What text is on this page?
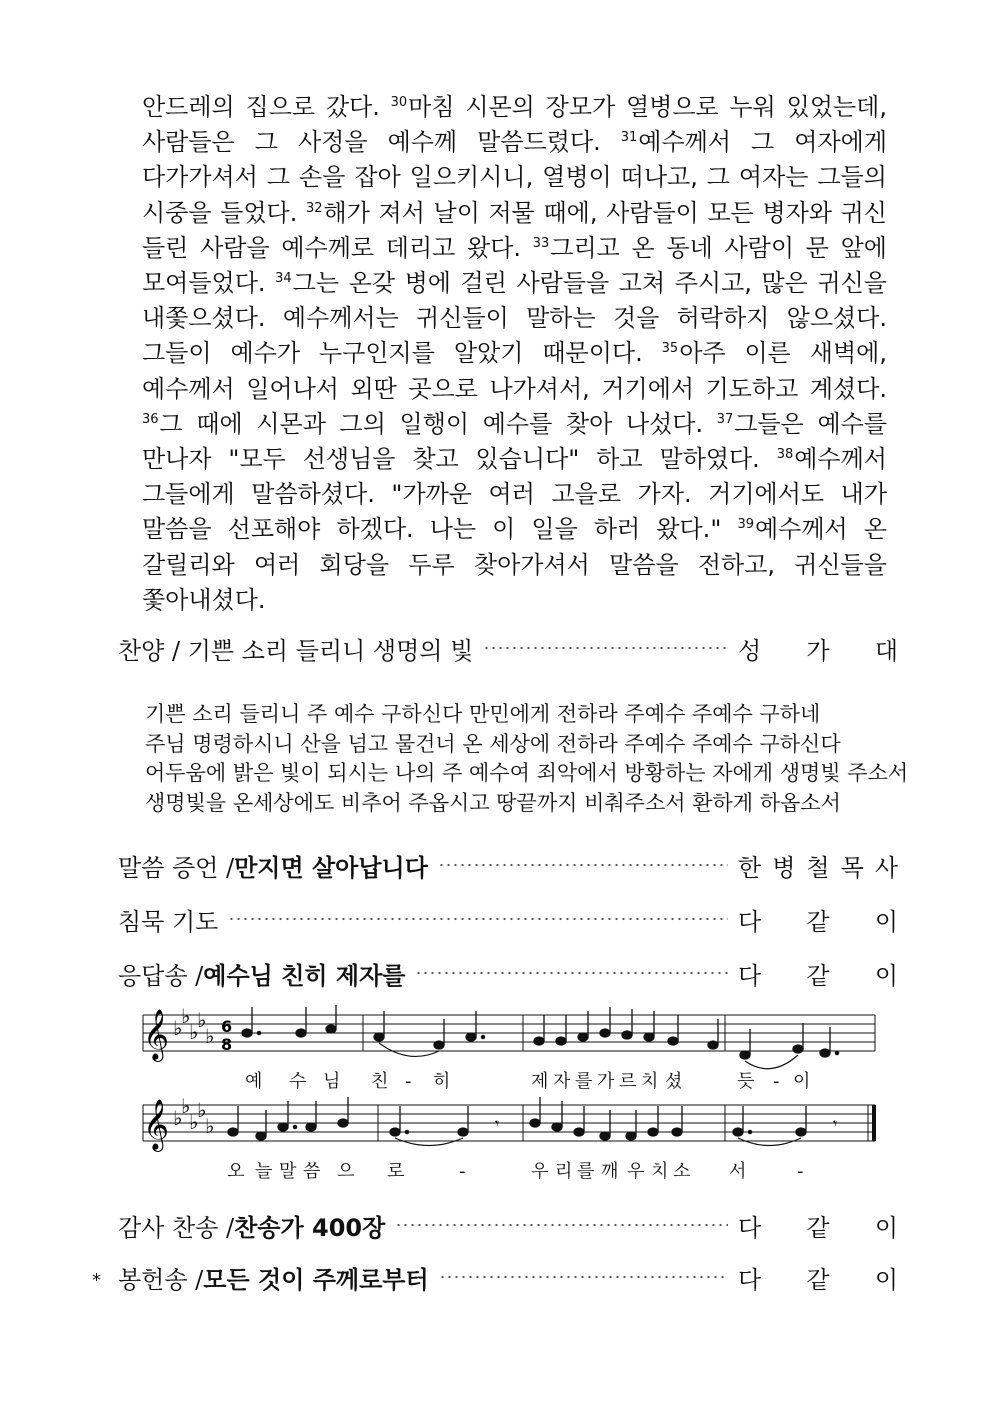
안드레의 집으로 갔다. $^{30}$마침 시몬의 장모가 열병으로 누워 있었는데,
사람들은 그 사정을 예수께 말씀드렸다. $^{31}$예수께서 그 여자에게
다가가셔서 그 손을 잡아 일으키시니, 열병이 떠나고, 그 여자는 그들의
시중을 들었다. $^{32}$해가 져서 날이 저물 때에, 사람들이 모든 병자와 귀신
들린 사람을 예수께로 데리고 왔다. $^{33}$그리고 온 동네 사람이 문 앞에
모여들었다. $^{34}$그는 온갖 병에 걸린 사람들을 고쳐 주시고, 많은 귀신을
내쫓으셨다. 예수께서는 귀신들이 말하는 것을 허락하지 않으셨다.
그들이 예수가 누구인지를 알았기 때문이다. $^{35}$아주 이른 새벽에,
예수께서 일어나서 외딴 곳으로 나가셔서, 거기에서 기도하고 계셨다.
$^{36}$그 때에 시몬과 그의 일행이 예수를 찾아 나섰다. $^{37}$그들은 예수를
만나자 "모두 선생님을 찾고 있습니다" 하고 말하였다. $^{38}$예수께서
그들에게 말씀하셨다. "가까운 여러 고을로 가자. 거기에서도 내가
말씀을 선포해야 하겠다. 나는 이 일을 하러 왔다." $^{39}$예수께서 온
갈릴리와 여러 회당을 두루 찾아가셔서 말씀을 전하고, 귀신들을
쫓아내셨다.
찬양 / 기쁜 소리 들리니 생명의 빛	성 가 대
기쁜 소리 들리니 주 예수 구하신다 만민에게 전하라 주예수 주예수 구하네
주님 명령하시니 산을 넘고 물건너 온 세상에 전하라 주예수 주예수 구하신다
어두움에 밝은 빛이 되시는 나의 주 예수여 죄악에서 방황하는 자에게 생명빛 주소서
생명빛을 온세상에도 비추어 주옵시고 땅끝까지 비춰주소서 환하게 하옵소서
말씀 증언 / 만지면 살아납니다	한 병 철 목 사
침묵 기도	다 같 이
응답송 / 예수님 친히 제자를	다 같 이
𝄞 ♭
♭
♭
♭
♭ 6
8
예 수 님 친 - 히	제 자 를 가 르 치 셨	듯 - 이
𝄞 ♭
♭
♭
♭
♭	𝄾	𝄾
오 늘 말 씀 으 로	-	우 리 를 깨 우 치 소 서	-
감사 찬송 / 찬송가 400장	다 같 이
* 봉헌송 / 모든 것이 주께로부터	다 같 이
